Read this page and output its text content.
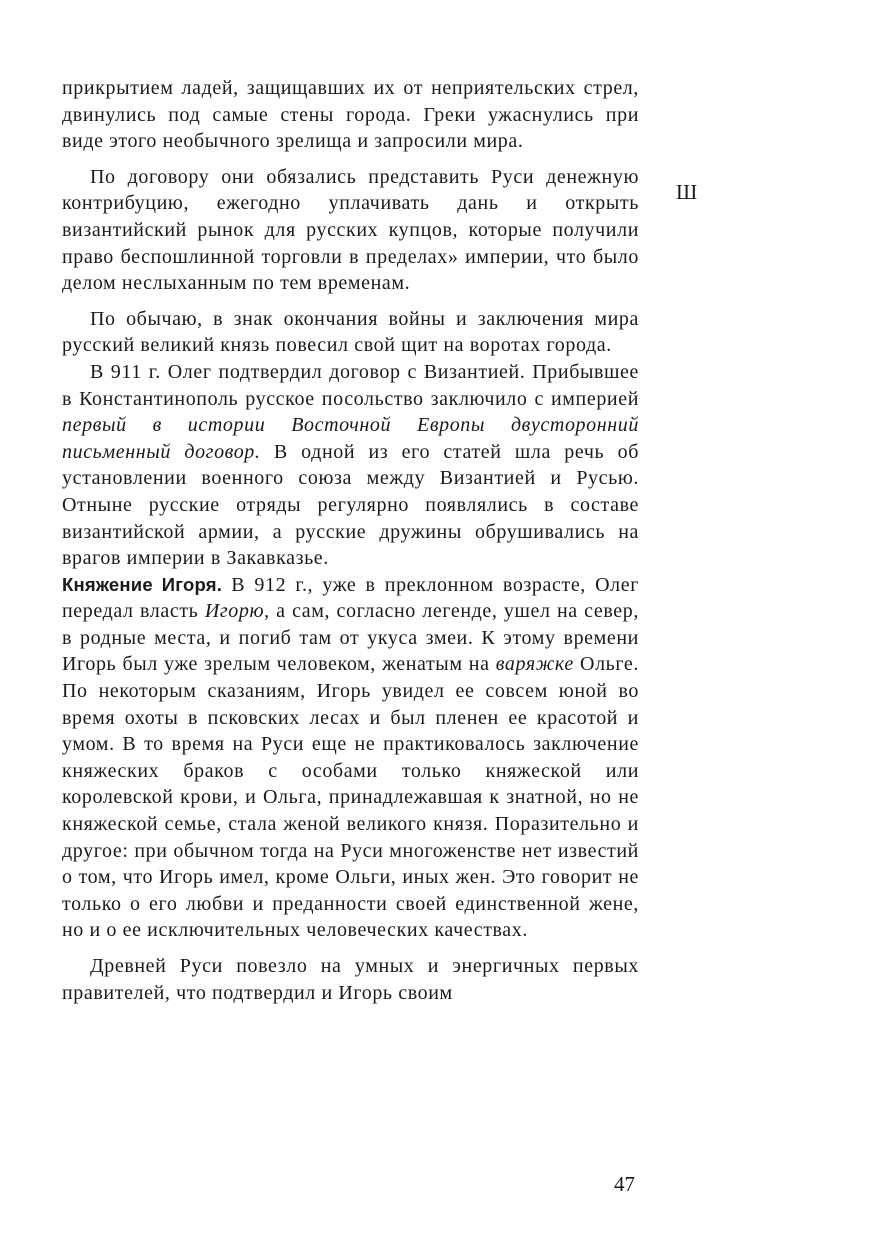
прикрытием ладей, защищавших их от неприятельских стрел, двинулись под самые стены города. Греки ужаснулись при виде этого необычного зрелища и запросили мира.

По договору они обязались представить Руси денежную контрибуцию, ежегодно уплачивать дань и открыть византийский рынок для русских купцов, которые получили право беспошлинной торговли в пределах» империи, что было делом неслыханным по тем временам.

По обычаю, в знак окончания войны и заключения мира русский великий князь повесил свой щит на воротах города.

В 911 г. Олег подтвердил договор с Византией. Прибывшее в Константинополь русское посольство заключило с империей первый в истории Восточной Европы двусторонний письменный договор. В одной из его статей шла речь об установлении военного союза между Византией и Русью. Отныне русские отряды регулярно появлялись в составе византийской армии, а русские дружины обрушивались на врагов империи в Закавказье.

Княжение Игоря. В 912 г., уже в преклонном возрасте, Олег передал власть Игорю, а сам, согласно легенде, ушел на север, в родные места, и погиб там от укуса змеи. К этому времени Игорь был уже зрелым человеком, женатым на варяжке Ольге. По некоторым сказаниям, Игорь увидел ее совсем юной во время охоты в псковских лесах и был пленен ее красотой и умом. В то время на Руси еще не практиковалось заключение княжеских браков с особами только княжеской или королевской крови, и Ольга, принадлежавшая к знатной, но не княжеской семье, стала женой великого князя. Поразительно и другое: при обычном тогда на Руси многоженстве нет известий о том, что Игорь имел, кроме Ольги, иных жен. Это говорит не только о его любви и преданности своей единственной жене, но и о ее исключительных человеческих качествах.

Древней Руси повезло на умных и энергичных первых правителей, что подтвердил и Игорь своим

Ш
47
